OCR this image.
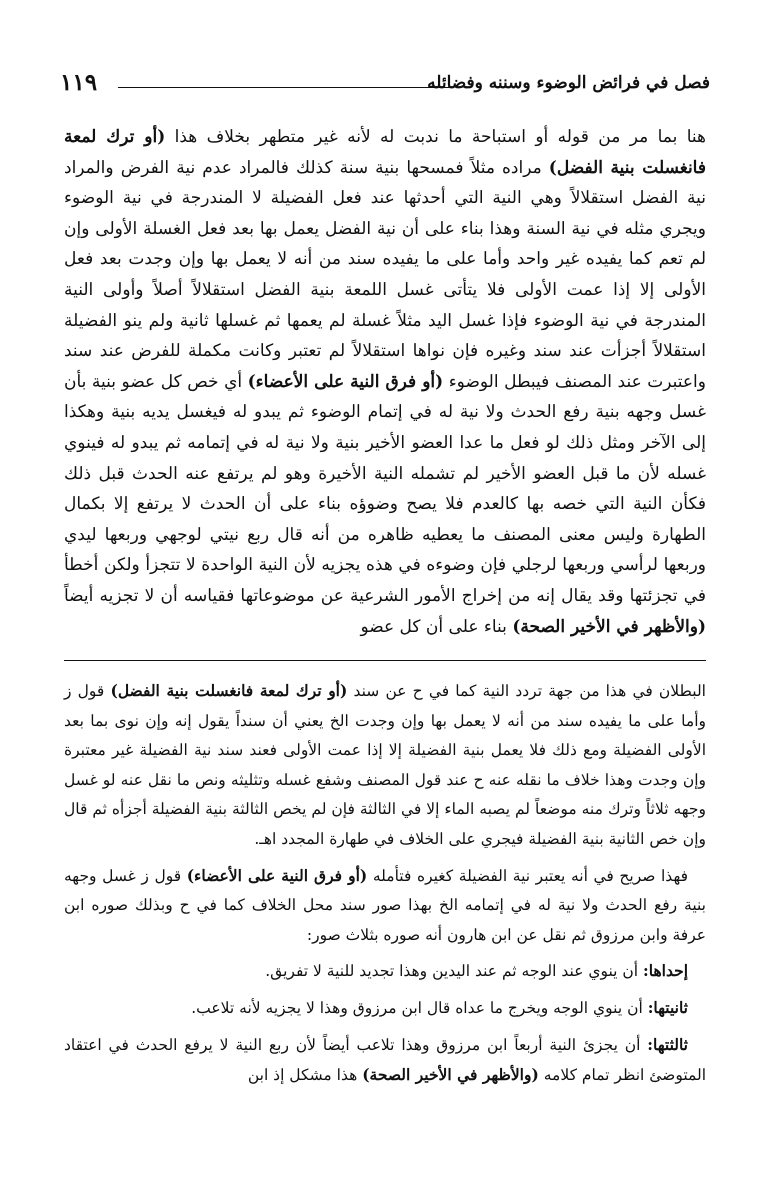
١١٩	فصل في فرائض الوضوء وسننه وفضائله

هنا بما مر من قوله أو استباحة ما ندبت له لأنه غير متطهر بخلاف هذا (أو ترك لمعة فانغسلت بنية الفضل) مراده مثلاً فمسحها بنية سنة كذلك فالمراد عدم نية الفرض والمراد نية الفضل استقلالاً وهي النية التي أحدثها عند فعل الفضيلة لا المندرجة في نية الوضوء ويجري مثله في نية السنة وهذا بناء على أن نية الفضل يعمل بها بعد فعل الغسلة الأولى وإن لم تعم كما يفيده غير واحد وأما على ما يفيده سند من أنه لا يعمل بها وإن وجدت بعد فعل الأولى إلا إذا عمت الأولى فلا يتأتى غسل اللمعة بنية الفضل استقلالاً أصلاً وأولى النية المندرجة في نية الوضوء فإذا غسل اليد مثلاً غسلة لم يعمها ثم غسلها ثانية ولم ينو الفضيلة استقلالاً أجزأت عند سند وغيره فإن نواها استقلالاً لم تعتبر وكانت مكملة للفرض عند سند واعتبرت عند المصنف فيبطل الوضوء (أو فرق النية على الأعضاء) أي خص كل عضو بنية بأن غسل وجهه بنية رفع الحدث ولا نية له في إتمام الوضوء ثم يبدو له فيغسل يديه بنية وهكذا إلى الآخر ومثل ذلك لو فعل ما عدا العضو الأخير بنية ولا نية له في إتمامه ثم يبدو له فينوي غسله لأن ما قبل العضو الأخير لم تشمله النية الأخيرة وهو لم يرتفع عنه الحدث قبل ذلك فكأن النية التي خصه بها كالعدم فلا يصح وضوؤه بناء على أن الحدث لا يرتفع إلا بكمال الطهارة وليس معنى المصنف ما يعطيه ظاهره من أنه قال ربع نيتي لوجهي وربعها ليدي وربعها لرأسي وربعها لرجلي فإن وضوءه في هذه يجزيه لأن النية الواحدة لا تتجزأ ولكن أخطأ في تجزئتها وقد يقال إنه من إخراج الأمور الشرعية عن موضوعاتها فقياسه أن لا تجزيه أيضاً (والأظهر في الأخير الصحة) بناء على أن كل عضو

البطلان في هذا من جهة تردد النية كما في ح عن سند (أو ترك لمعة فانغسلت بنية الفضل) قول ز وأما على ما يفيده سند من أنه لا يعمل بها وإن وجدت الخ يعني أن سنداً يقول إنه وإن نوى بما بعد الأولى الفضيلة ومع ذلك فلا يعمل بنية الفضيلة إلا إذا عمت الأولى فعند سند نية الفضيلة غير معتبرة وإن وجدت وهذا خلاف ما نقله عنه ح عند قول المصنف وشفع غسله وتثليثه ونص ما نقل عنه لو غسل وجهه ثلاثاً وترك منه موضعاً لم يصبه الماء إلا في الثالثة فإن لم يخص الثالثة بنية الفضيلة أجزأه ثم قال وإن خص الثانية بنية الفضيلة فيجري على الخلاف في طهارة المجدد اهـ.

فهذا صريح في أنه يعتبر نية الفضيلة كغيره فتأمله (أو فرق النية على الأعضاء) قول ز غسل وجهه بنية رفع الحدث ولا نية له في إتمامه الخ بهذا صور سند محل الخلاف كما في ح وبذلك صوره ابن عرفة وابن مرزوق ثم نقل عن ابن هارون أنه صوره بثلاث صور:

إحداها: أن ينوي عند الوجه ثم عند اليدين وهذا تجديد للنية لا تفريق.

ثانيتها: أن ينوي الوجه ويخرج ما عداه قال ابن مرزوق وهذا لا يجزيه لأنه تلاعب.

ثالثتها: أن يجزئ النية أربعاً ابن مرزوق وهذا تلاعب أيضاً لأن ربع النية لا يرفع الحدث في اعتقاد المتوضئ انظر تمام كلامه (والأظهر في الأخير الصحة) هذا مشكل إذ ابن
